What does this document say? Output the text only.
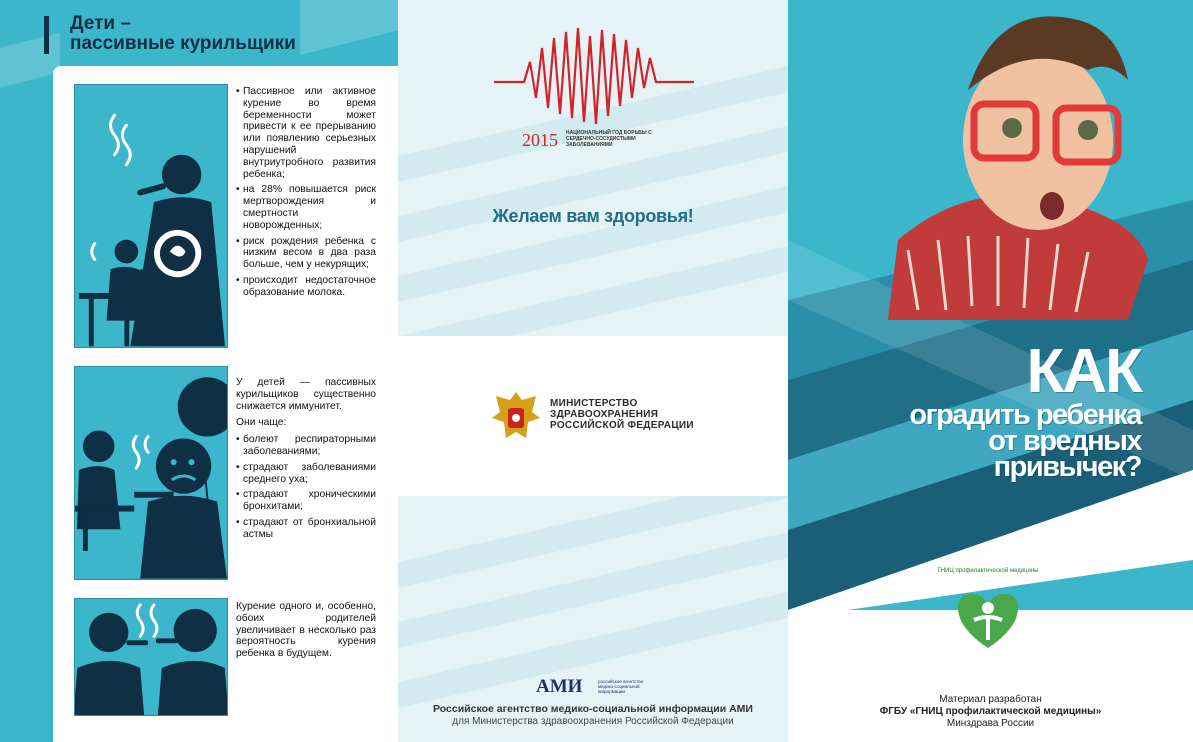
Дети –
пассивные курильщики
• Пассивное или активное курение во время беременности может привести к ее прерыванию или появлению серьезных нарушений внутриутробного развития ребенка;
• на 28% повышается риск мертворождения и смертности новорожденных;
• риск рождения ребенка с низким весом в два раза больше, чем у некурящих;
• происходит недостаточное образование молока.

У детей — пассивных курильщиков существенно снижается иммунитет.

Они чаще:

• болеют респираторными заболеваниями;
• страдают заболеваниями среднего уха;
• страдают хроническими бронхитами;
• страдают от бронхиальной астмы

Курение одного и, особенно, обоих родителей увеличивает в несколько раз вероятность курения ребенка в будущем.

2015 НАЦИОНАЛЬНЫЙ ГОД БОРЬБЫ С СЕРДЕЧНО-СОСУДИСТЫМИ ЗАБОЛЕВАНИЯМИ
Желаем вам здоровья!
МИНИСТЕРСТВО
ЗДРАВООХРАНЕНИЯ
РОССИЙСКОЙ ФЕДЕРАЦИИ
АМИ	российское агентство медико-социальной информации
Российское агентство медико-социальной информации АМИ
для Министерства здравоохранения Российской Федерации
КАК
оградить ребенка
от вредных
привычек?
ГНИЦ профилактической медицины
Материал разработан
ФГБУ «ГНИЦ профилактической медицины»
Минздрава России
